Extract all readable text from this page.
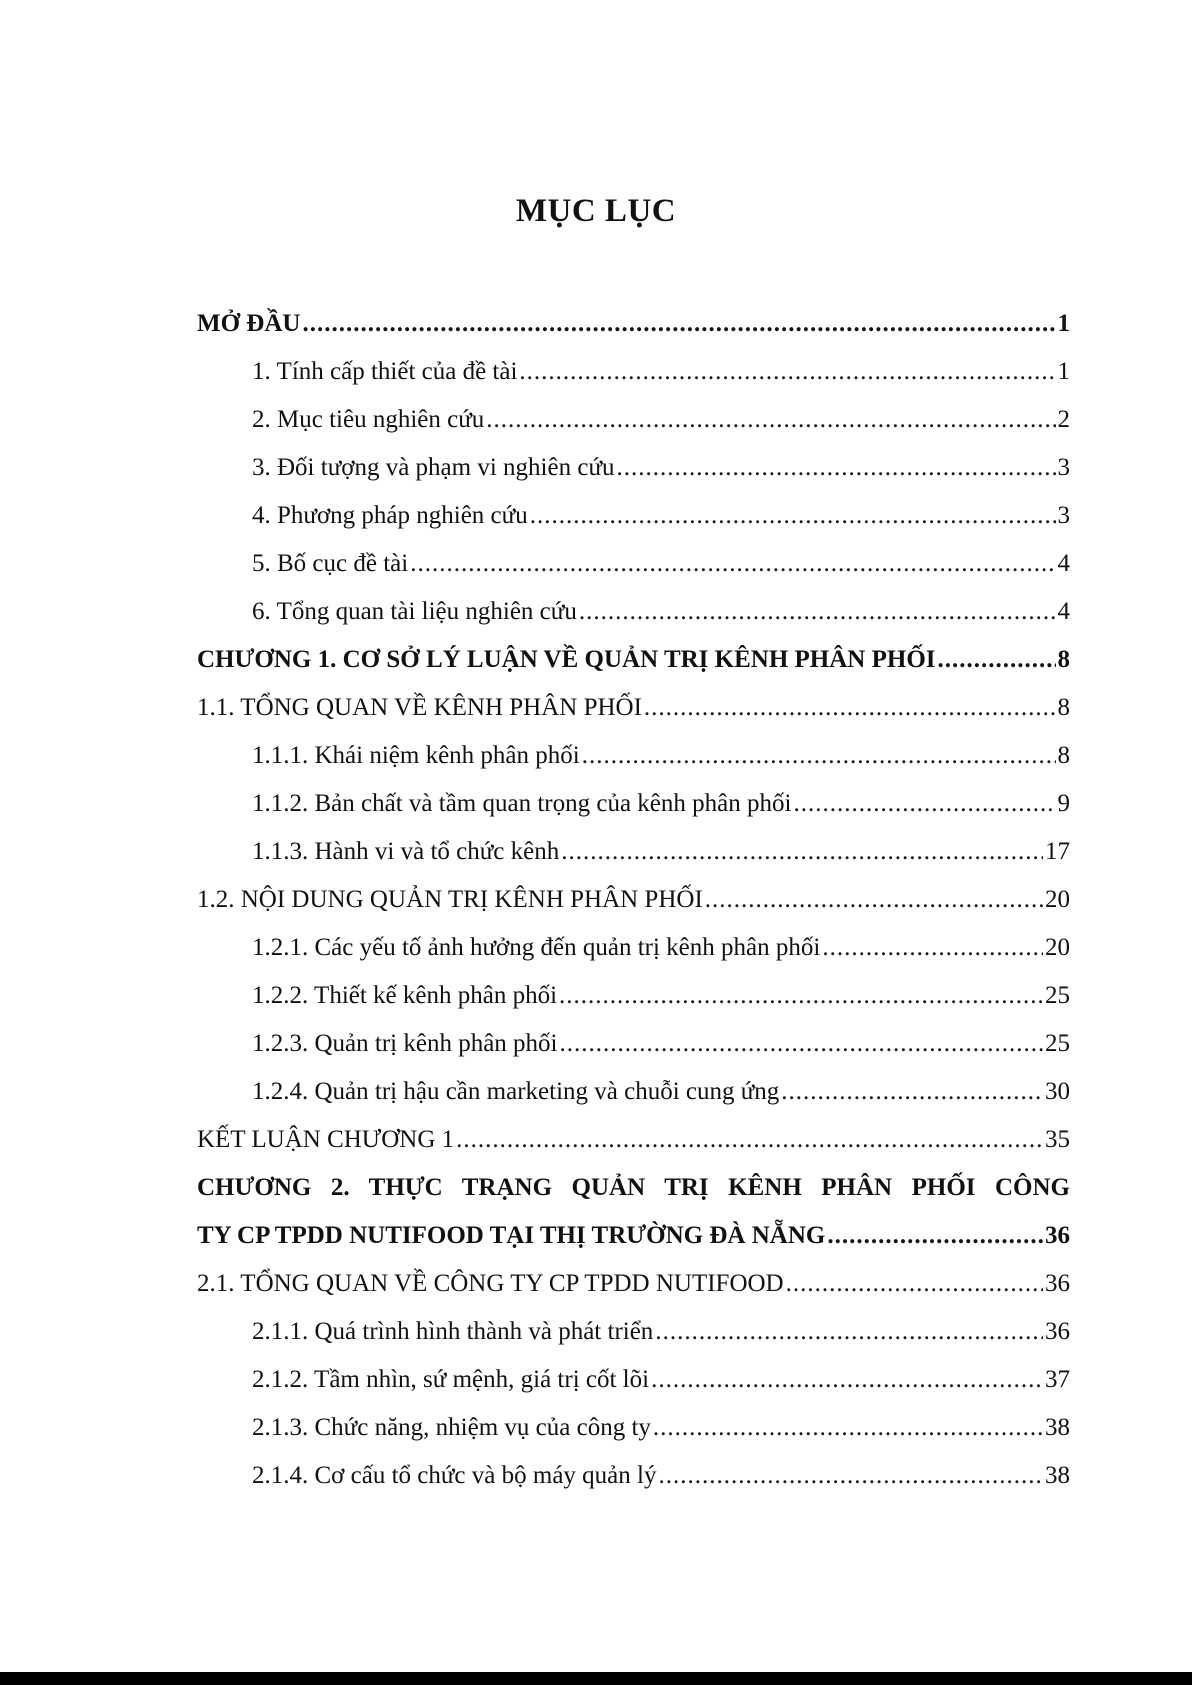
MỤC LỤC
MỞ ĐẦU .....	1
1. Tính cấp thiết của đề tài .....	1
2. Mục tiêu nghiên cứu .....	2
3. Đối tượng và phạm vi nghiên cứu .....	3
4. Phương pháp nghiên cứu .....	3
5. Bố cục đề tài .....	4
6. Tổng quan tài liệu nghiên cứu .....	4
CHƯƠNG 1. CƠ SỞ LÝ LUẬN VỀ QUẢN TRỊ KÊNH PHÂN PHỐI .....	8
1.1. TỔNG QUAN VỀ KÊNH PHÂN PHỐI .....	8
1.1.1. Khái niệm kênh phân phối .....	8
1.1.2. Bản chất và tầm quan trọng của kênh phân phối .....	9
1.1.3. Hành vi và tổ chức kênh .....	17
1.2. NỘI DUNG QUẢN TRỊ KÊNH PHÂN PHỐI .....	20
1.2.1. Các yếu tố ảnh hưởng đến quản trị kênh phân phối .....	20
1.2.2. Thiết kế kênh phân phối .....	25
1.2.3. Quản trị kênh phân phối .....	25
1.2.4. Quản trị hậu cần marketing và chuỗi cung ứng .....	30
KẾT LUẬN CHƯƠNG 1 .....	35
CHƯƠNG 2. THỰC TRẠNG QUẢN TRỊ KÊNH PHÂN PHỐI CÔNG
TY CP TPDD NUTIFOOD TẠI THỊ TRƯỜNG ĐÀ NẴNG .....	36
2.1. TỔNG QUAN VỀ CÔNG TY CP TPDD NUTIFOOD .....	36
2.1.1. Quá trình hình thành và phát triển .....	36
2.1.2. Tầm nhìn, sứ mệnh, giá trị cốt lõi .....	37
2.1.3. Chức năng, nhiệm vụ của công ty .....	38
2.1.4. Cơ cấu tổ chức và bộ máy quản lý .....	38
